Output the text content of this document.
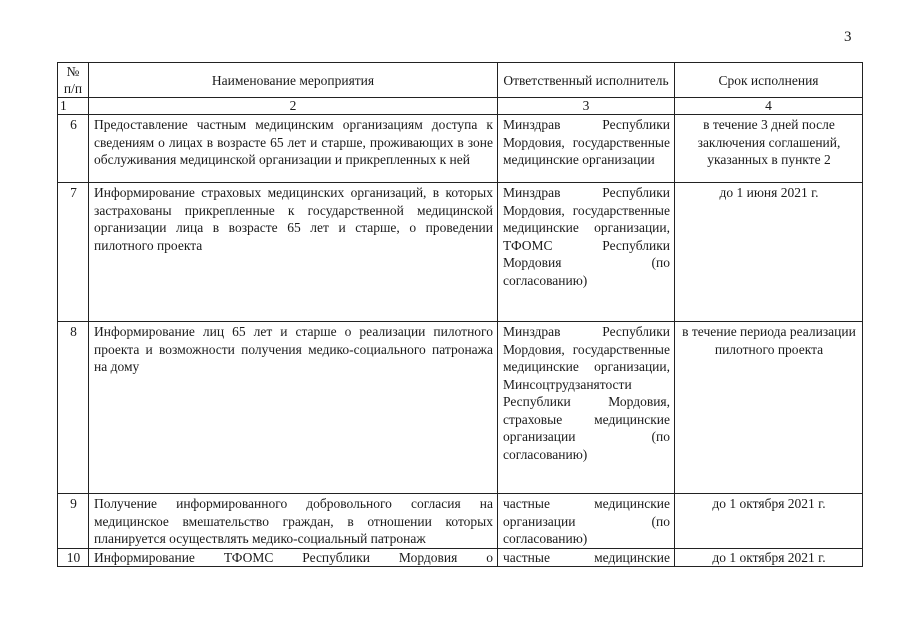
3
№
п/п	Наименование мероприятия	Ответственный исполнитель	Срок исполнения
1	2	3	4
6	Предоставление частным медицинским организациям доступа к сведениям о лицах в возрасте 65 лет и старше, проживающих в зоне обслуживания медицинской организации и прикрепленных к ней	Минздрав Республики Мордовия, государственные медицинские организации	в течение 3 дней после заключения соглашений, указанных в пункте 2
7	Информирование страховых медицинских организаций, в которых застрахованы прикрепленные к государственной медицинской организации лица в возрасте 65 лет и старше, о проведении пилотного проекта	Минздрав Республики Мордовия, государственные медицинские организации, ТФОМС Республики Мордовия (по согласованию)	до 1 июня 2021 г.
8	Информирование лиц 65 лет и старше о реализации пилотного проекта и возможности получения медико-социального патронажа на дому	Минздрав Республики Мордовия, государственные медицинские организации, Минсоцтрудзанятости Республики Мордовия, страховые медицинские организации (по согласованию)	в течение периода реализации пилотного проекта
9	Получение информированного добровольного согласия на медицинское вмешательство граждан, в отношении которых планируется осуществлять медико-социальный патронаж	частные медицинские организации (по согласованию)	до 1 октября 2021 г.
10	Информирование ТФОМС Республики Мордовия о	частные медицинские	до 1 октября 2021 г.
